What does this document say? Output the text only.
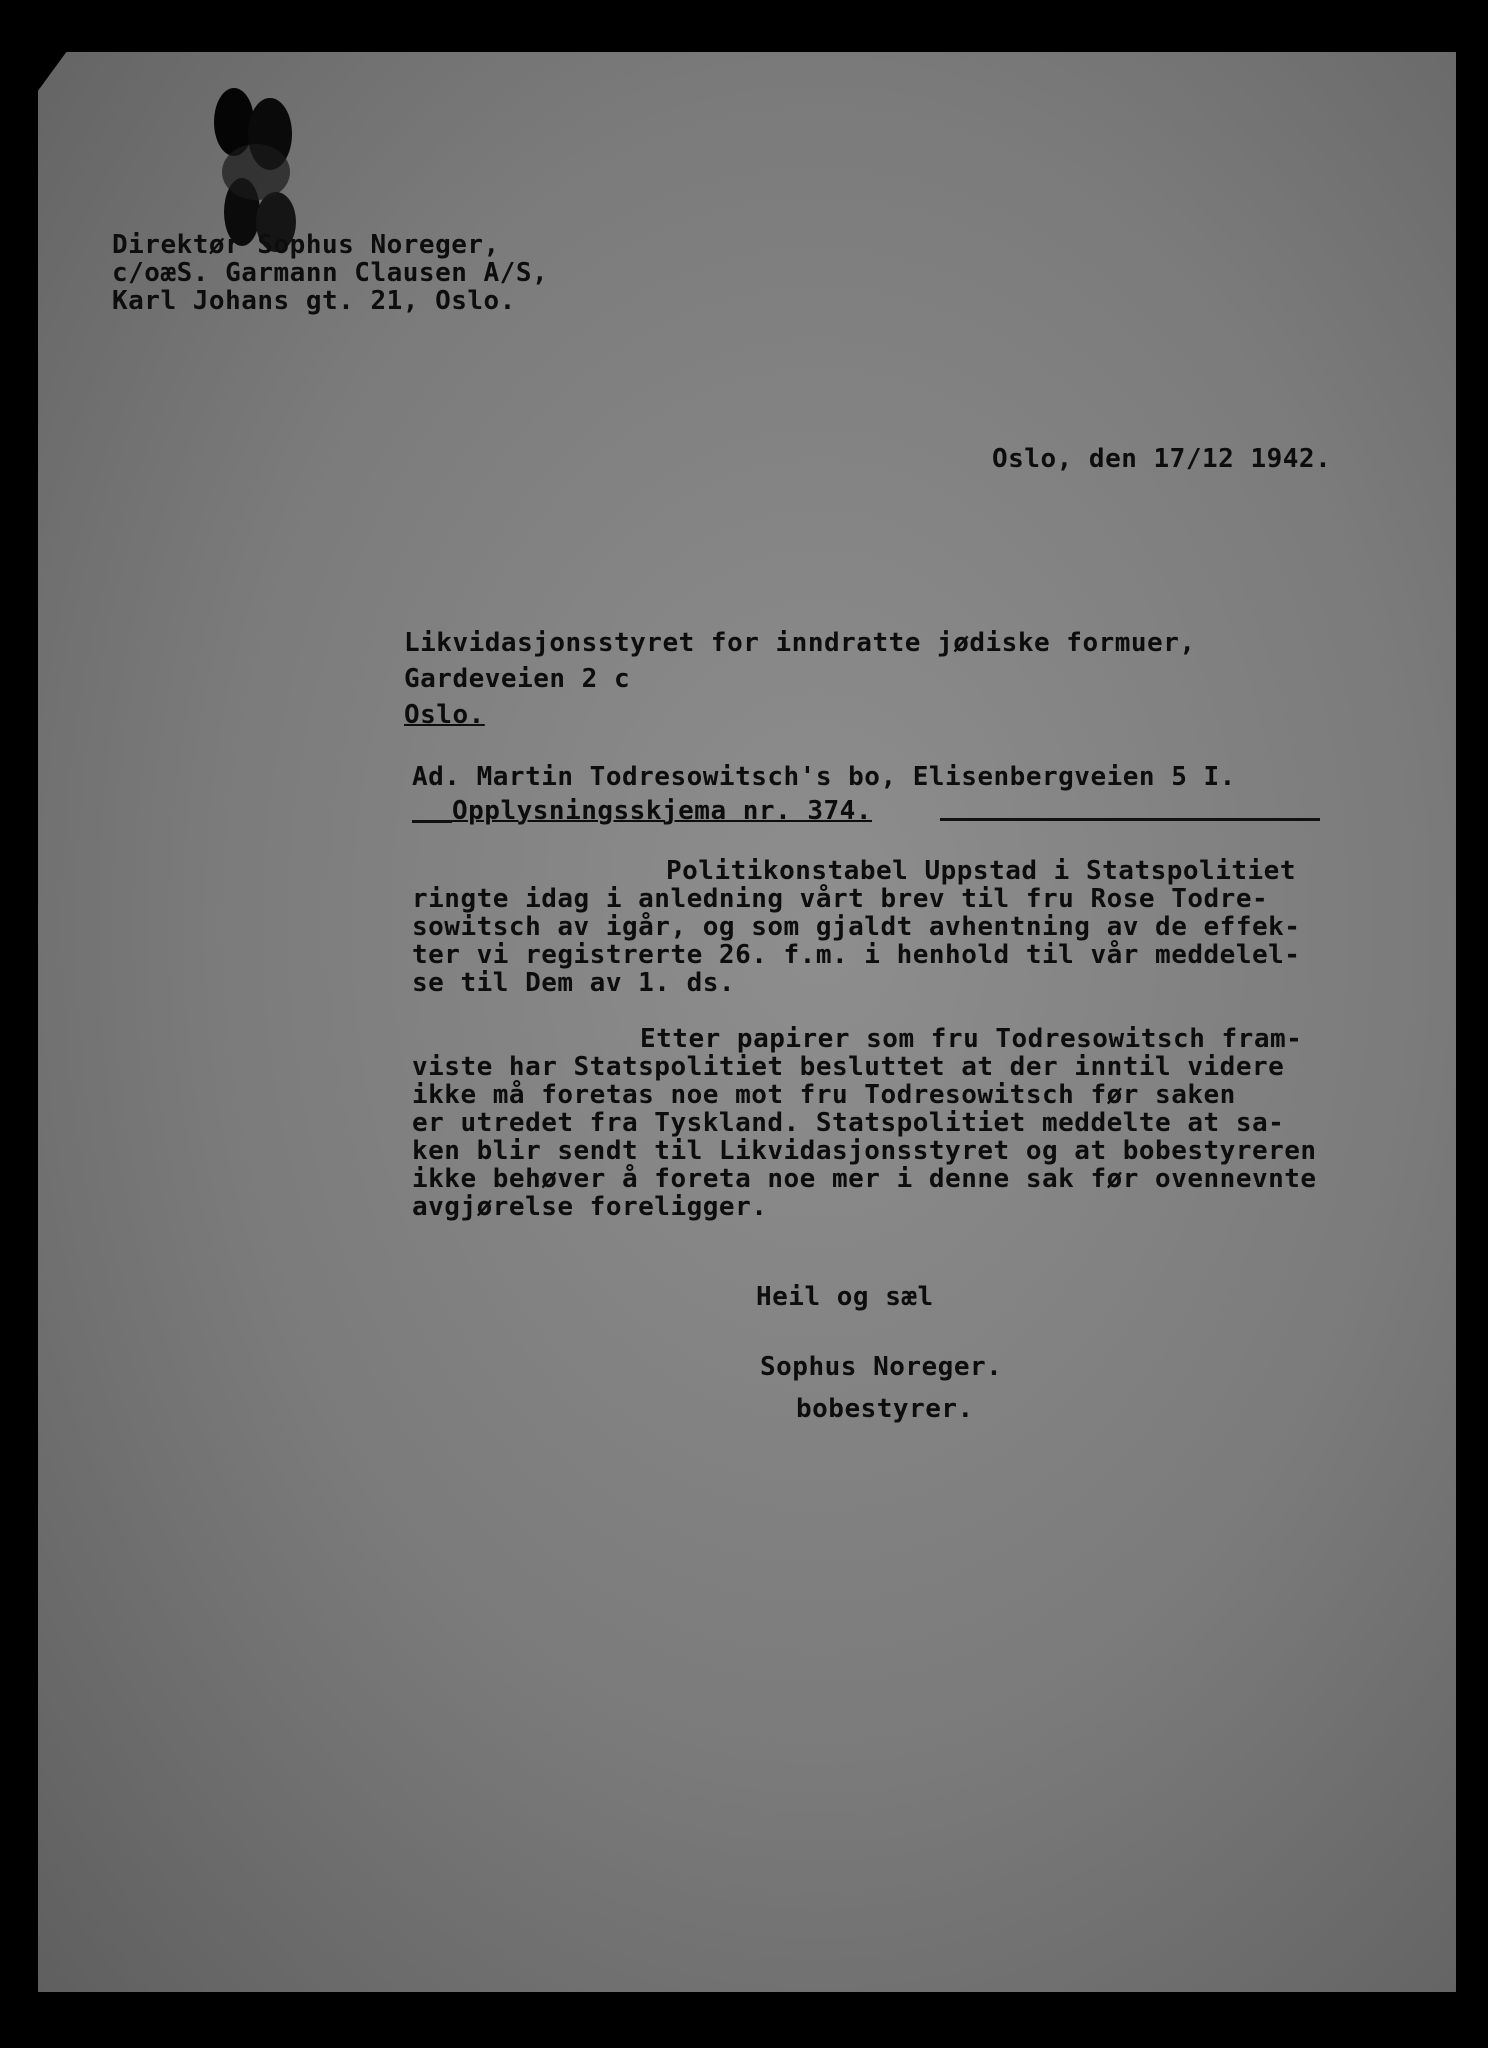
Direktør Sophus Noreger,
c/oæS. Garmann Clausen A/S,
Karl Johans gt. 21, Oslo.
Oslo, den 17/12 1942.
Likvidasjonsstyret for inndratte jødiske formuer,
Gardeveien 2 c
Oslo.
Ad. Martin Todresowitsch's bo, Elisenbergveien 5 I.
Opplysningsskjema nr. 374.
Politikonstabel Uppstad i Statspolitiet
ringte idag i anledning vårt brev til fru Rose Todre-
sowitsch av igår, og som gjaldt avhentning av de effek-
ter vi registrerte 26. f.m. i henhold til vår meddelel-
se til Dem av 1. ds.
Etter papirer som fru Todresowitsch fram-
viste har Statspolitiet besluttet at der inntil videre
ikke må foretas noe mot fru Todresowitsch før saken
er utredet fra Tyskland. Statspolitiet meddelte at sa-
ken blir sendt til Likvidasjonsstyret og at bobestyreren
ikke behøver å foreta noe mer i denne sak før ovennevnte
avgjørelse foreligger.
Heil og sæl
Sophus Noreger.
bobestyrer.
